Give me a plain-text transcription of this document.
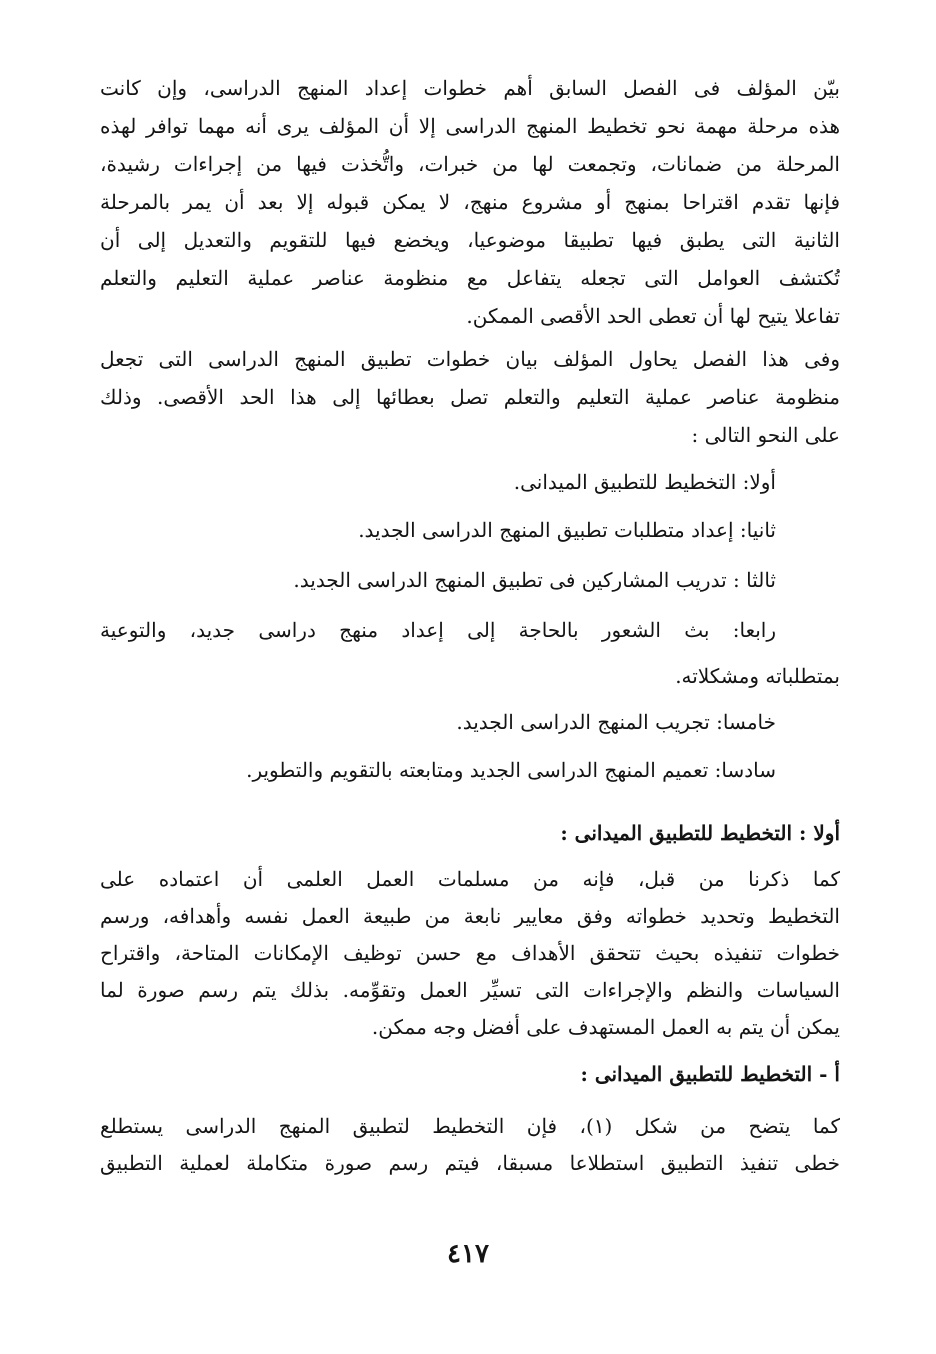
بيّن المؤلف فى الفصل السابق أهم خطوات إعداد المنهج الدراسى، وإن كانت
هذه مرحلة مهمة نحو تخطيط المنهج الدراسى إلا أن المؤلف يرى أنه مهما توافر لهذه
المرحلة من ضمانات، وتجمعت لها من خبرات، واتُّخذت فيها من إجراءات رشيدة،
فإنها تقدم اقتراحا بمنهج أو مشروع منهج، لا يمكن قبوله إلا بعد أن يمر بالمرحلة
الثانية التى يطبق فيها تطبيقا موضوعيا، ويخضع فيها للتقويم والتعديل إلى أن
تُكتشف العوامل التى تجعله يتفاعل مع منظومة عناصر عملية التعليم والتعلم
تفاعلا يتيح لها أن تعطى الحد الأقصى الممكن.
وفى هذا الفصل يحاول المؤلف بيان خطوات تطبيق المنهج الدراسى التى تجعل
منظومة عناصر عملية التعليم والتعلم تصل بعطائها إلى هذا الحد الأقصى. وذلك
على النحو التالى :
أولا: التخطيط للتطبيق الميدانى.
ثانيا: إعداد متطلبات تطبيق المنهج الدراسى الجديد.
ثالثا : تدريب المشاركين فى تطبيق المنهج الدراسى الجديد.
رابعا: بث الشعور بالحاجة إلى إعداد منهج دراسى جديد، والتوعية
بمتطلباته ومشكلاته.
خامسا: تجريب المنهج الدراسى الجديد.
سادسا: تعميم المنهج الدراسى الجديد ومتابعته بالتقويم والتطوير.
أولا : التخطيط للتطبيق الميدانى :
كما ذكرنا من قبل، فإنه من مسلمات العمل العلمى أن اعتماده على
التخطيط وتحديد خطواته وفق معايير نابعة من طبيعة العمل نفسه وأهدافه، ورسم
خطوات تنفيذه بحيث تتحقق الأهداف مع حسن توظيف الإمكانات المتاحة، واقتراح
السياسات والنظم والإجراءات التى تسيِّر العمل وتقوِّمه. بذلك يتم رسم صورة لما
يمكن أن يتم به العمل المستهدف على أفضل وجه ممكن.
أ - التخطيط للتطبيق الميدانى :
كما يتضح من شكل (١)، فإن التخطيط لتطبيق المنهج الدراسى يستطلع
خطى تنفيذ التطبيق استطلاعا مسبقا، فيتم رسم صورة متكاملة لعملية التطبيق
٤١٧
